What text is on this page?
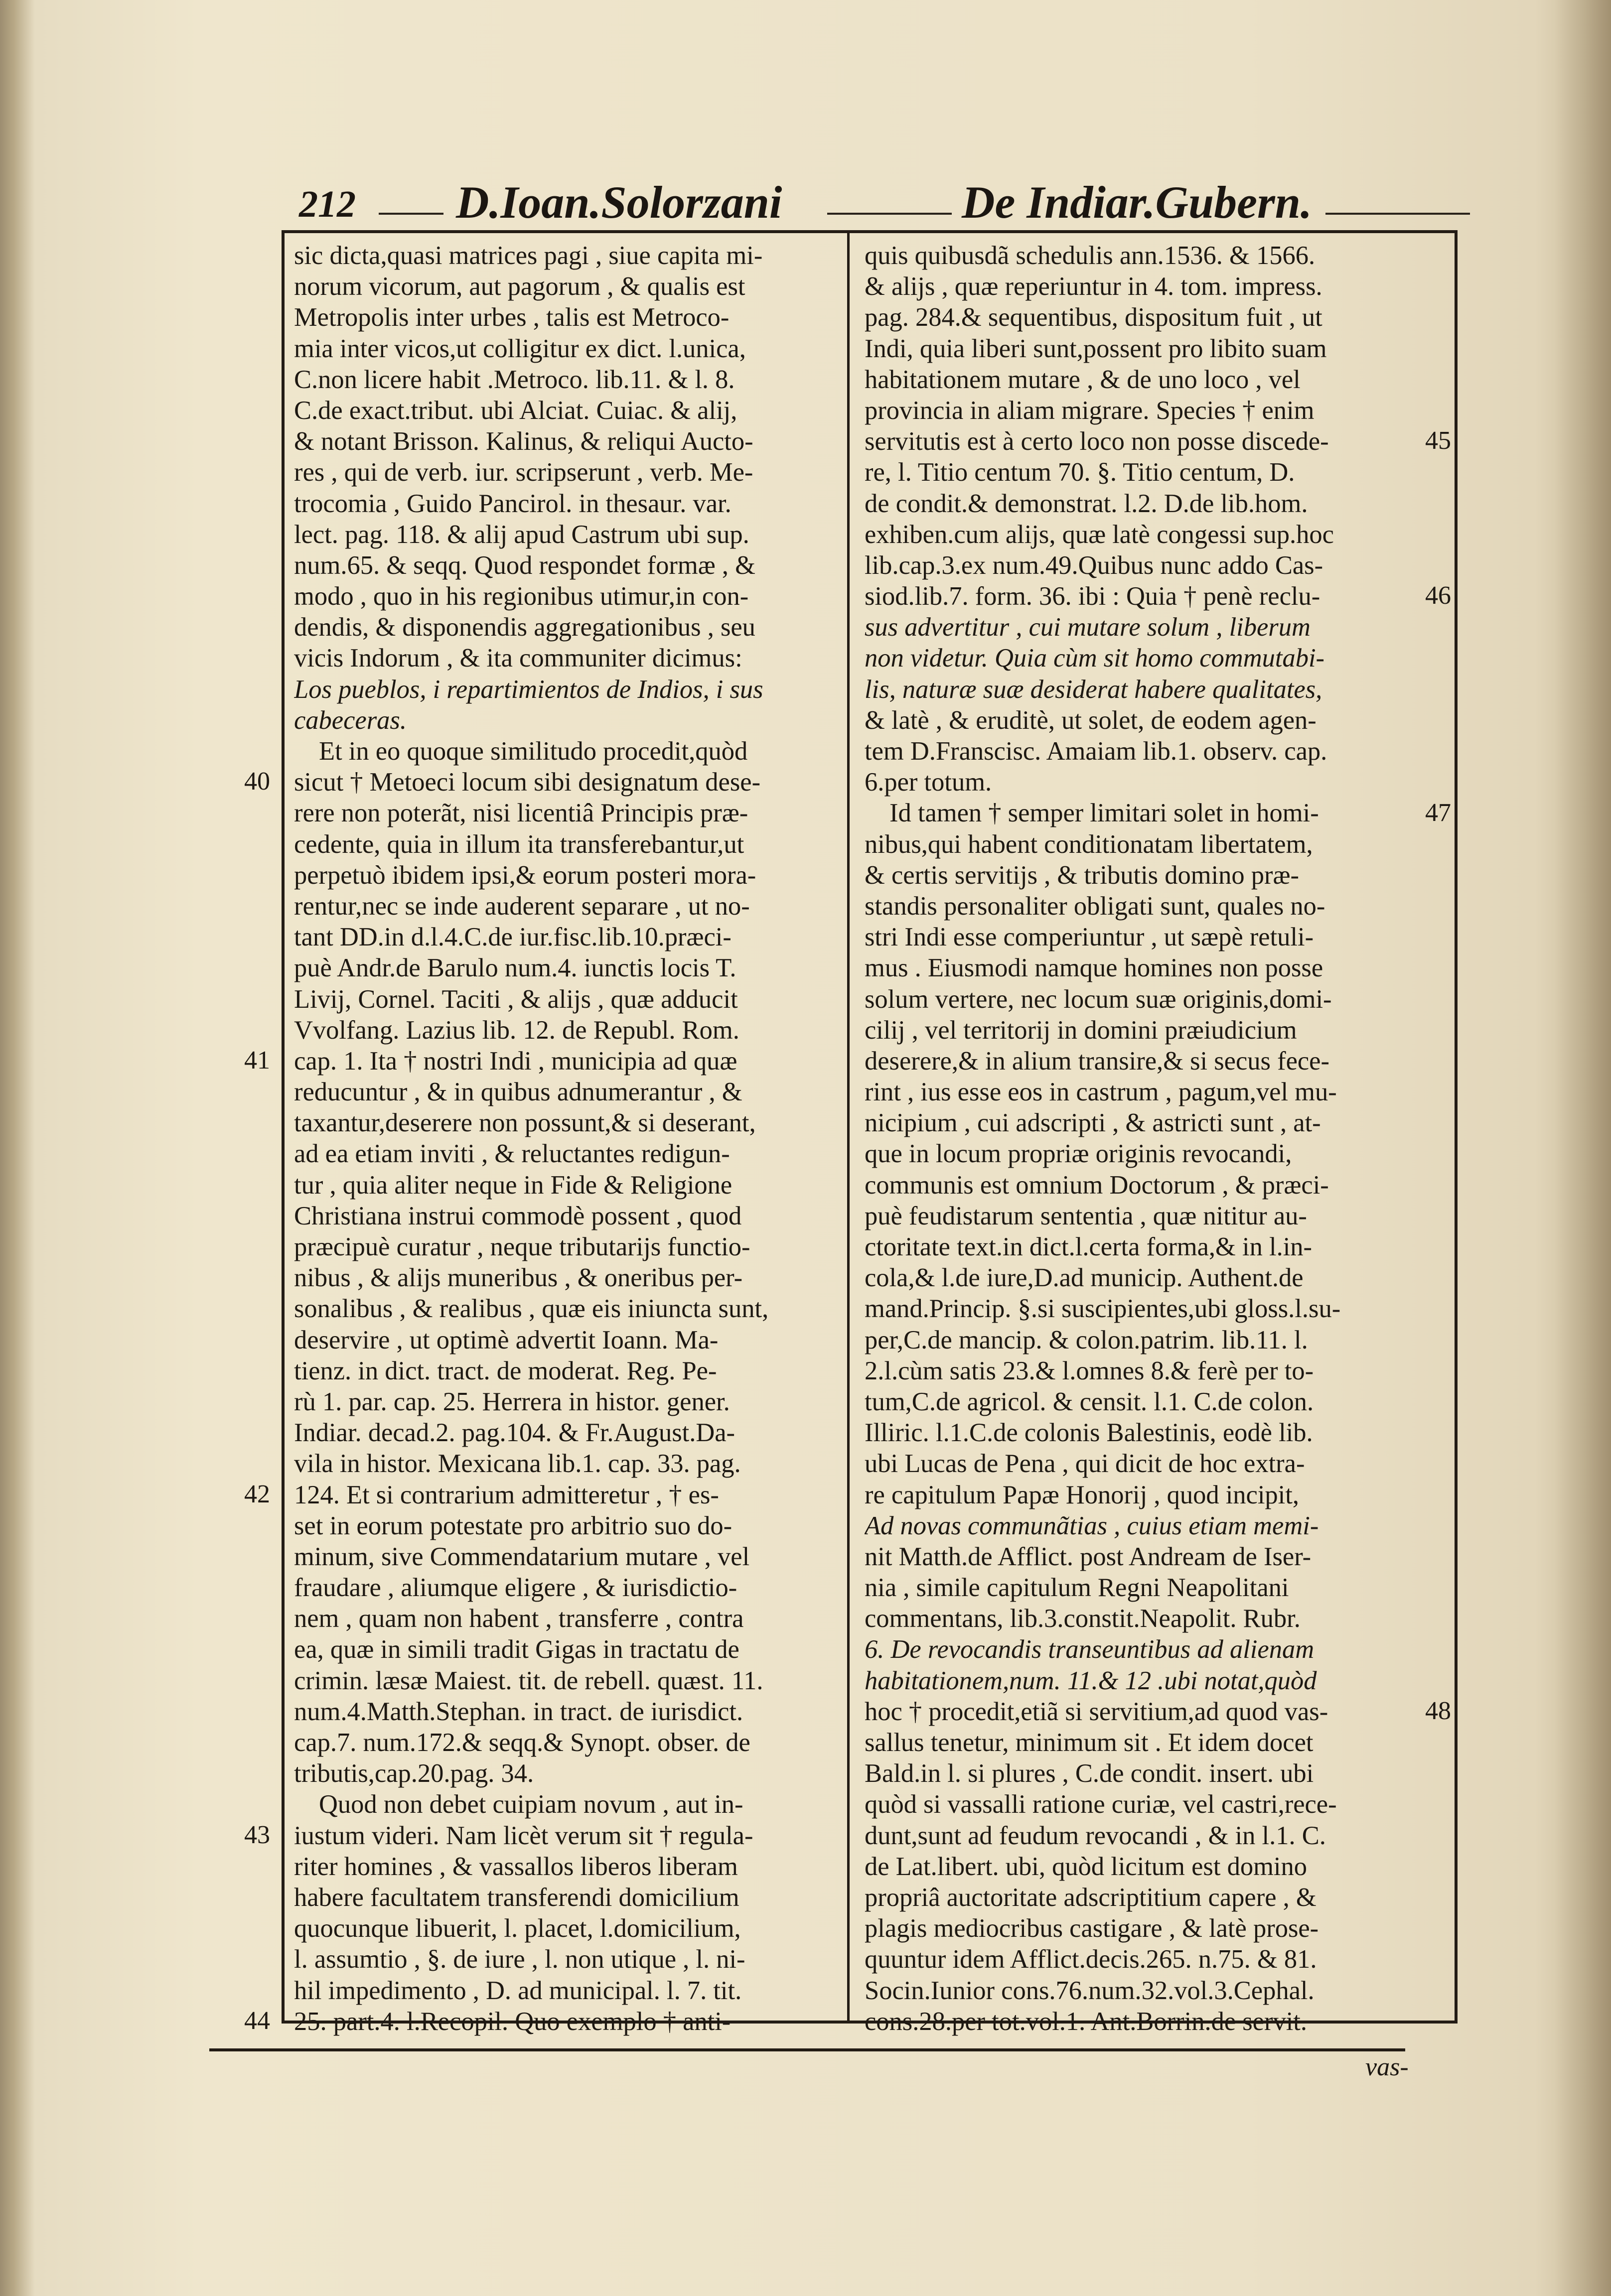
212 D.Ioan.Solorzani	De Indiar.Gubern.
sic dicta,quasi matrices pagi , siue capita mi-
norum vicorum, aut pagorum , & qualis est
Metropolis inter urbes , talis est Metroco-
mia inter vicos,ut colligitur ex dict. l.unica,
C.non licere habit .Metroco. lib.11. & l. 8.
C.de exact.tribut. ubi Alciat. Cuiac. & alij,
& notant Brisson. Kalinus, & reliqui Aucto-
res , qui de verb. iur. scripserunt , verb. Me-
trocomia , Guido Pancirol. in thesaur. var.
lect. pag. 118. & alij apud Castrum ubi sup.
num.65. & seqq. Quod respondet formæ , &
modo , quo in his regionibus utimur,in con-
dendis, & disponendis aggregationibus , seu
vicis Indorum , & ita communiter dicimus:
Los pueblos, i repartimientos de Indios, i sus
cabeceras.
Et in eo quoque similitudo procedit,quòd
sicut † Metoeci locum sibi designatum dese-
rere non poterãt, nisi licentiâ Principis præ-
cedente, quia in illum ita transferebantur,ut
perpetuò ibidem ipsi,& eorum posteri mora-
rentur,nec se inde auderent separare , ut no-
tant DD.in d.l.4.C.de iur.fisc.lib.10.præci-
puè Andr.de Barulo num.4. iunctis locis T.
Livij, Cornel. Taciti , & alijs , quæ adducit
Vvolfang. Lazius lib. 12. de Republ. Rom.
cap. 1. Ita † nostri Indi , municipia ad quæ
reducuntur , & in quibus adnumerantur , &
taxantur,deserere non possunt,& si deserant,
ad ea etiam inviti , & reluctantes redigun-
tur , quia aliter neque in Fide & Religione
Christiana instrui commodè possent , quod
præcipuè curatur , neque tributarijs functio-
nibus , & alijs muneribus , & oneribus per-
sonalibus , & realibus , quæ eis iniuncta sunt,
deservire , ut optimè advertit Ioann. Ma-
tienz. in dict. tract. de moderat. Reg. Pe-
rù 1. par. cap. 25. Herrera in histor. gener.
Indiar. decad.2. pag.104. & Fr.August.Da-
vila in histor. Mexicana lib.1. cap. 33. pag.
124. Et si contrarium admitteretur , † es-
set in eorum potestate pro arbitrio suo do-
minum, sive Commendatarium mutare , vel
fraudare , aliumque eligere , & iurisdictio-
nem , quam non habent , transferre , contra
ea, quæ in simili tradit Gigas in tractatu de
crimin. læsæ Maiest. tit. de rebell. quæst. 11.
num.4.Matth.Stephan. in tract. de iurisdict.
cap.7. num.172.& seqq.& Synopt. obser. de
tributis,cap.20.pag. 34.
Quod non debet cuipiam novum , aut in-
iustum videri. Nam licèt verum sit † regula-
riter homines , & vassallos liberos liberam
habere facultatem transferendi domicilium
quocunque libuerit, l. placet, l.domicilium,
l. assumtio , §. de iure , l. non utique , l. ni-
hil impedimento , D. ad municipal. l. 7. tit.
25. part.4. l.Recopil. Quo exemplo † anti-
quis quibusdã schedulis ann.1536. & 1566.
& alijs , quæ reperiuntur in 4. tom. impress.
pag. 284.& sequentibus, dispositum fuit , ut
Indi, quia liberi sunt,possent pro libito suam
habitationem mutare , & de uno loco , vel
provincia in aliam migrare. Species † enim
servitutis est à certo loco non posse discede-
re, l. Titio centum 70. §. Titio centum, D.
de condit.& demonstrat. l.2. D.de lib.hom.
exhiben.cum alijs, quæ latè congessi sup.hoc
lib.cap.3.ex num.49.Quibus nunc addo Cas-
siod.lib.7. form. 36. ibi : Quia † penè reclu-
sus advertitur , cui mutare solum , liberum
non videtur. Quia cùm sit homo commutabi-
lis, naturæ suæ desiderat habere qualitates,
& latè , & eruditè, ut solet, de eodem agen-
tem D.Franscisc. Amaiam lib.1. observ. cap.
6.per totum.
Id tamen † semper limitari solet in homi-
nibus,qui habent conditionatam libertatem,
& certis servitijs , & tributis domino præ-
standis personaliter obligati sunt, quales no-
stri Indi esse comperiuntur , ut sæpè retuli-
mus . Eiusmodi namque homines non posse
solum vertere, nec locum suæ originis,domi-
cilij , vel territorij in domini præiudicium
deserere,& in alium transire,& si secus fece-
rint , ius esse eos in castrum , pagum,vel mu-
nicipium , cui adscripti , & astricti sunt , at-
que in locum propriæ originis revocandi,
communis est omnium Doctorum , & præci-
puè feudistarum sententia , quæ nititur au-
ctoritate text.in dict.l.certa forma,& in l.in-
cola,& l.de iure,D.ad municip. Authent.de
mand.Princip. §.si suscipientes,ubi gloss.l.su-
per,C.de mancip. & colon.patrim. lib.11. l.
2.l.cùm satis 23.& l.omnes 8.& ferè per to-
tum,C.de agricol. & censit. l.1. C.de colon.
Illiric. l.1.C.de colonis Balestinis, eodè lib.
ubi Lucas de Pena , qui dicit de hoc extra-
re capitulum Papæ Honorij , quod incipit,
Ad novas communãtias , cuius etiam memi-
nit Matth.de Afflict. post Andream de Iser-
nia , simile capitulum Regni Neapolitani
commentans, lib.3.constit.Neapolit. Rubr.
6. De revocandis transeuntibus ad alienam
habitationem,num. 11.& 12 .ubi notat,quòd
hoc † procedit,etiã si servitium,ad quod vas-
sallus tenetur, minimum sit . Et idem docet
Bald.in l. si plures , C.de condit. insert. ubi
quòd si vassalli ratione curiæ, vel castri,rece-
dunt,sunt ad feudum revocandi , & in l.1. C.
de Lat.libert. ubi, quòd licitum est domino
propriâ auctoritate adscriptitium capere , &
plagis mediocribus castigare , & latè prose-
quuntur idem Afflict.decis.265. n.75. & 81.
Socin.Iunior cons.76.num.32.vol.3.Cephal.
cons.28.per tot.vol.1. Ant.Borrin.de servit.
40
41
42
43
44
45
46
47
48
vas-
